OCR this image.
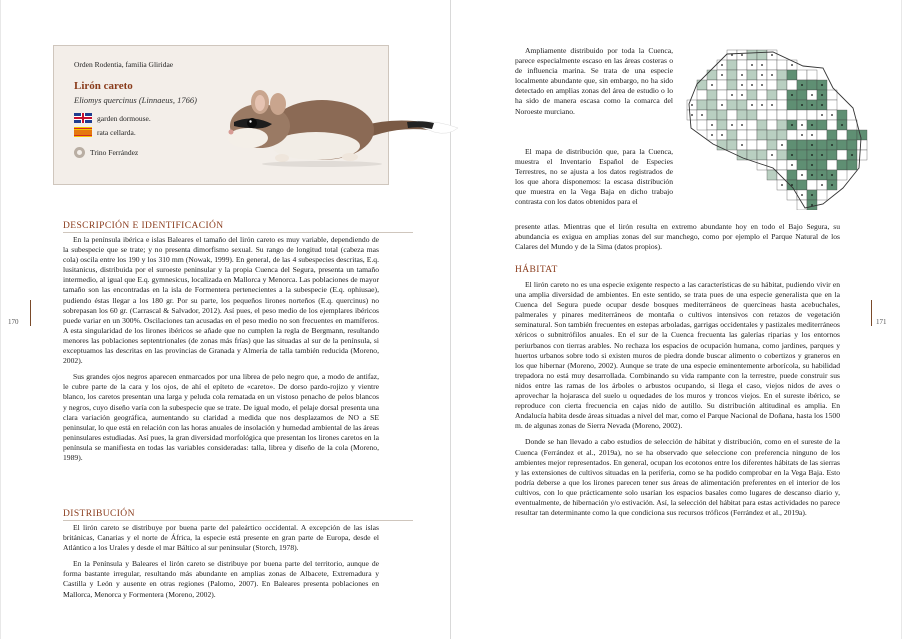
170	171
Orden Rodentia, familia Gliridae
Lirón careto
Eliomys quercinus (Linnaeus, 1766)
garden dormouse.
rata cellarda.
Trino Ferrández
DESCRIPCIÓN E IDENTIFICACIÓN

En la península ibérica e islas Baleares el tamaño del lirón careto es muy variable, dependiendo de la subespecie que se trate; y no presenta dimorfismo sexual. Su rango de longitud total (cabeza mas cola) oscila entre los 190 y los 310 mm (Nowak, 1999). En general, de las 4 subespecies descritas, E.q. lusitanicus, distribuida por el suroeste peninsular y la propia Cuenca del Segura, presenta un tamaño intermedio, al igual que E.q. gymnesicus, localizada en Mallorca y Menorca. Las poblaciones de mayor tamaño son las encontradas en la isla de Formentera pertenecientes a la subespecie (E.q. ophiusae), pudiendo éstas llegar a los 180 gr. Por su parte, los pequeños lirones norteños (E.q. quercinus) no sobrepasan los 60 gr. (Carrascal & Salvador, 2012). Así pues, el peso medio de los ejemplares ibéricos puede variar en un 300%. Oscilaciones tan acusadas en el peso medio no son frecuentes en mamíferos. A esta singularidad de los lirones ibéricos se añade que no cumplen la regla de Bergmann, resultando menores las poblaciones septentrionales (de zonas más frías) que las situadas al sur de la península, si exceptuamos las descritas en las provincias de Granada y Almería de talla también reducida (Moreno, 2002).

Sus grandes ojos negros aparecen enmarcados por una librea de pelo negro que, a modo de antifaz, le cubre parte de la cara y los ojos, de ahí el epíteto de «careto». De dorso pardo-rojizo y vientre blanco, los caretos presentan una larga y peluda cola rematada en un vistoso penacho de pelos blancos y negros, cuyo diseño varía con la subespecie que se trate. De igual modo, el pelaje dorsal presenta una clara variación geográfica, aumentando su claridad a medida que nos desplazamos de NO a SE peninsular, lo que está en relación con las horas anuales de insolación y humedad ambiental de las áreas peninsulares estudiadas. Así pues, la gran diversidad morfológica que presentan los lirones caretos en la península se manifiesta en todas las variables consideradas: talla, librea y diseño de la cola (Moreno, 1989).

DISTRIBUCIÓN

El lirón careto se distribuye por buena parte del paleártico occidental. A excepción de las islas británicas, Canarias y el norte de África, la especie está presente en gran parte de Europa, desde el Atlántico a los Urales y desde el mar Báltico al sur peninsular (Storch, 1978).

En la Península y Baleares el lirón careto se distribuye por buena parte del territorio, aunque de forma bastante irregular, resultando más abundante en amplias zonas de Albacete, Extremadura y Castilla y León y ausente en otras regiones (Palomo, 2007). En Baleares presenta poblaciones en Mallorca, Menorca y Formentera (Moreno, 2002).

Ampliamente distribuido por toda la Cuenca, parece especialmente escaso en las áreas costeras o de influencia marina. Se trata de una especie localmente abundante que, sin embargo, no ha sido detectado en amplias zonas del área de estudio o lo ha sido de manera escasa como la comarca del Noroeste murciano.

El mapa de distribución que, para la Cuenca, muestra el Inventario Español de Especies Terrestres, no se ajusta a los datos registrados de los que ahora disponemos: la escasa distribución que muestra en la Vega Baja en dicho trabajo contrasta con los datos obtenidos para el

HÁBITAT

El lirón careto no es una especie exigente respecto a las características de su hábitat, pudiendo vivir en una amplia diversidad de ambientes. En este sentido, se trata pues de una especie generalista que en la Cuenca del Segura puede ocupar desde bosques mediterráneos de quercíneas hasta acebuchales, palmerales y pinares mediterráneos de montaña o cultivos intensivos con retazos de vegetación seminatural. Son también frecuentes en estepas arboladas, garrigas occidentales y pastizales mediterráneos xéricos o subnitrófilos anuales. En el sur de la Cuenca frecuenta las galerías riparias y los entornos periurbanos con tierras arables. No rechaza los espacios de ocupación humana, como jardines, parques y huertos urbanos sobre todo si existen muros de piedra donde buscar alimento o cobertizos y graneros en los que hibernar (Moreno, 2002). Aunque se trate de una especie eminentemente arborícola, su habilidad trepadora no está muy desarrollada. Combinando su vida rampante con la terrestre, puede construir sus nidos entre las ramas de los árboles o arbustos ocupando, si llega el caso, viejos nidos de aves o aprovechar la hojarasca del suelo u oquedades de los muros y troncos viejos. En el sureste ibérico, se reproduce con cierta frecuencia en cajas nido de autillo. Su distribución altitudinal es amplia. En Andalucía habita desde áreas situadas a nivel del mar, como el Parque Nacional de Doñana, hasta los 1500 m. de algunas zonas de Sierra Nevada (Moreno, 2002).

Donde se han llevado a cabo estudios de selección de hábitat y distribución, como en el sureste de la Cuenca (Ferrández et al., 2019a), no se ha observado que seleccione con preferencia ninguno de los ambientes mejor representados. En general, ocupan los ecotonos entre los diferentes hábitats de las sierras y las extensiones de cultivos situadas en la periferia, como se ha podido comprobar en la Vega Baja. Esto podría deberse a que los lirones parecen tener sus áreas de alimentación preferentes en el interior de los cultivos, con lo que prácticamente solo usarían los espacios basales como lugares de descanso diario y, eventualmente, de hibernación y/o estivación. Así, la selección del hábitat para estas actividades no parece resultar tan determinante como la que condiciona sus recursos tróficos (Ferrández et al., 2019a).

presente atlas. Mientras que el lirón resulta en extremo abundante hoy en todo el Bajo Segura, su abundancia es exigua en amplias zonas del sur manchego, como por ejemplo el Parque Natural de los Calares del Mundo y de la Sima (datos propios).
